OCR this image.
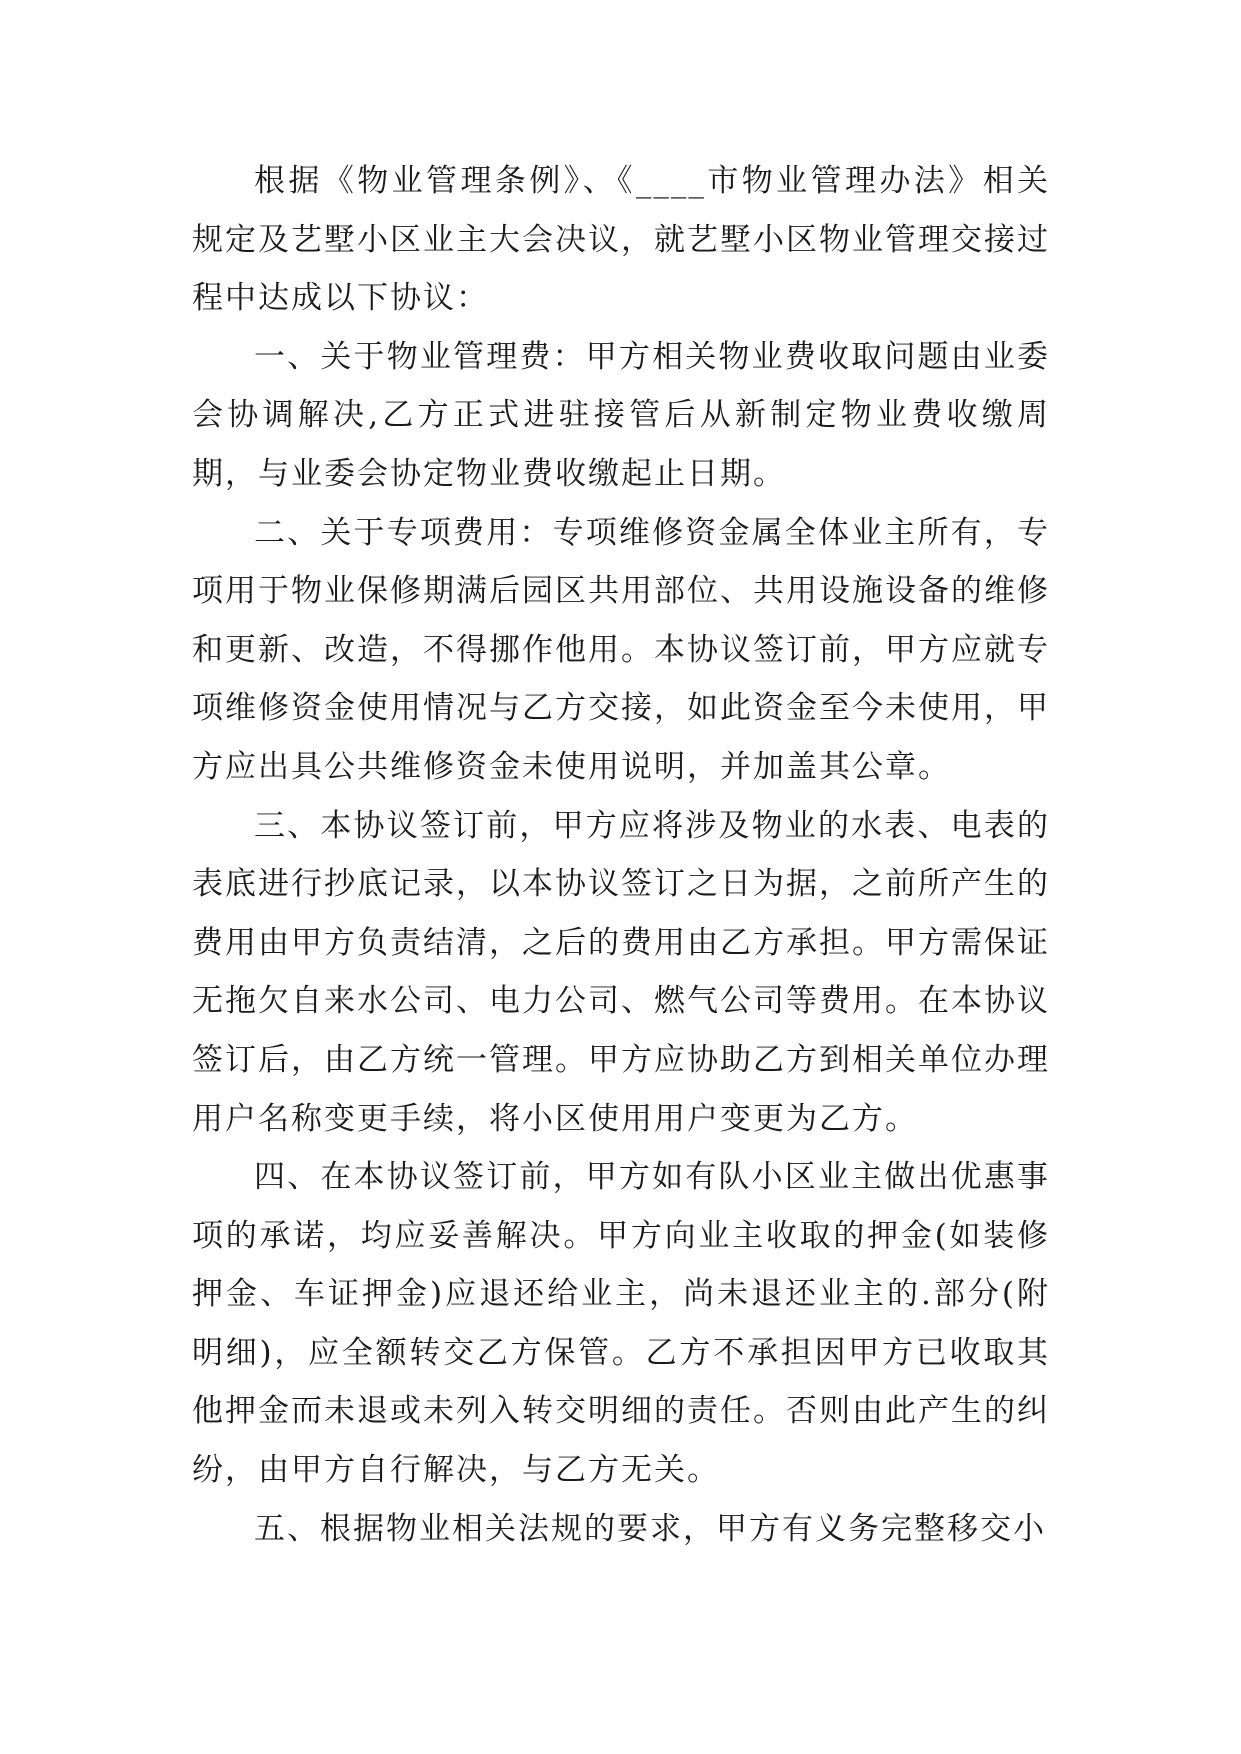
根据《物业管理条例》、《____市物业管理办法》相关规定及艺墅小区业主大会决议，就艺墅小区物业管理交接过程中达成以下协议：

一、关于物业管理费：甲方相关物业费收取问题由业委会协调解决,乙方正式进驻接管后从新制定物业费收缴周期，与业委会协定物业费收缴起止日期。

二、关于专项费用：专项维修资金属全体业主所有，专项用于物业保修期满后园区共用部位、共用设施设备的维修和更新、改造，不得挪作他用。本协议签订前，甲方应就专项维修资金使用情况与乙方交接，如此资金至今未使用，甲方应出具公共维修资金未使用说明，并加盖其公章。

三、本协议签订前，甲方应将涉及物业的水表、电表的表底进行抄底记录，以本协议签订之日为据，之前所产生的费用由甲方负责结清，之后的费用由乙方承担。甲方需保证无拖欠自来水公司、电力公司、燃气公司等费用。在本协议签订后，由乙方统一管理。甲方应协助乙方到相关单位办理用户名称变更手续，将小区使用用户变更为乙方。

四、在本协议签订前，甲方如有队小区业主做出优惠事项的承诺，均应妥善解决。甲方向业主收取的押金(如装修押金、车证押金)应退还给业主，尚未退还业主的.部分(附明细)，应全额转交乙方保管。乙方不承担因甲方已收取其他押金而未退或未列入转交明细的责任。否则由此产生的纠纷，由甲方自行解决，与乙方无关。

五、根据物业相关法规的要求，甲方有义务完整移交小
